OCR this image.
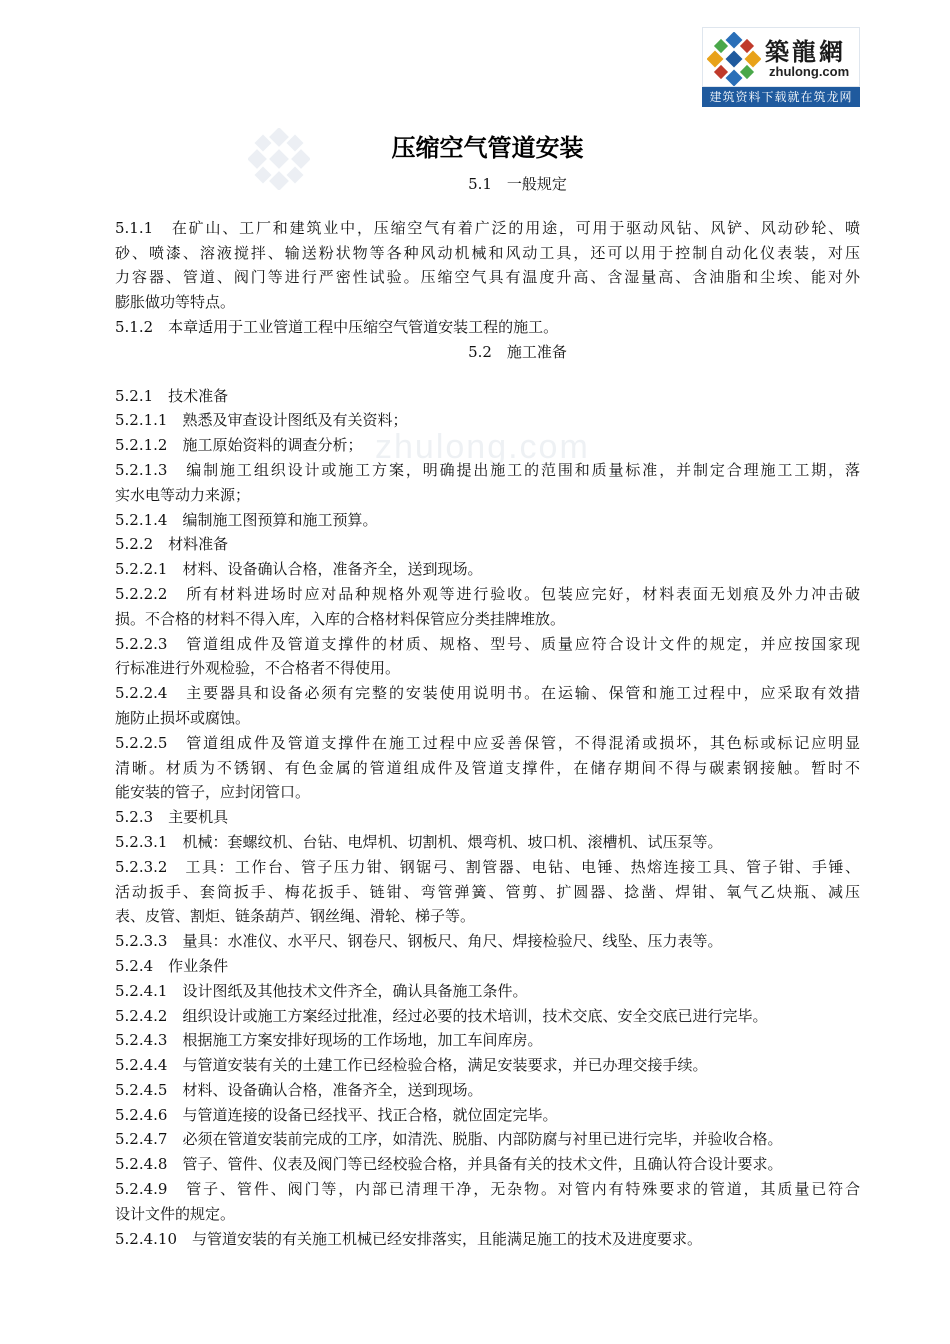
築龍網
zhulong.com
建筑资料下载就在筑龙网
zhulong.com
压缩空气管道安装
5.1　一般规定
5.1.1　在矿山、工厂和建筑业中，压缩空气有着广泛的用途，可用于驱动风钻、风铲、风动砂轮、喷
砂、喷漆、溶液搅拌、输送粉状物等各种风动机械和风动工具，还可以用于控制自动化仪表装，对压
力容器、管道、阀门等进行严密性试验。压缩空气具有温度升高、含湿量高、含油脂和尘埃、能对外
膨胀做功等特点。
5.1.2　本章适用于工业管道工程中压缩空气管道安装工程的施工。
5.2　施工准备
5.2.1　技术准备
5.2.1.1　熟悉及审查设计图纸及有关资料；
5.2.1.2　施工原始资料的调查分析；
5.2.1.3　编制施工组织设计或施工方案，明确提出施工的范围和质量标准，并制定合理施工工期，落
实水电等动力来源；
5.2.1.4　编制施工图预算和施工预算。
5.2.2　材料准备
5.2.2.1　材料、设备确认合格，准备齐全，送到现场。
5.2.2.2　所有材料进场时应对品种规格外观等进行验收。包装应完好，材料表面无划痕及外力冲击破
损。不合格的材料不得入库，入库的合格材料保管应分类挂牌堆放。
5.2.2.3　管道组成件及管道支撑件的材质、规格、型号、质量应符合设计文件的规定，并应按国家现
行标准进行外观检验，不合格者不得使用。
5.2.2.4　主要器具和设备必须有完整的安装使用说明书。在运输、保管和施工过程中，应采取有效措
施防止损坏或腐蚀。
5.2.2.5　管道组成件及管道支撑件在施工过程中应妥善保管，不得混淆或损坏，其色标或标记应明显
清晰。材质为不锈钢、有色金属的管道组成件及管道支撑件，在储存期间不得与碳素钢接触。暂时不
能安装的管子，应封闭管口。
5.2.3　主要机具
5.2.3.1　机械：套螺纹机、台钻、电焊机、切割机、煨弯机、坡口机、滚槽机、试压泵等。
5.2.3.2　工具：工作台、管子压力钳、钢锯弓、割管器、电钻、电锤、热熔连接工具、管子钳、手锤、
活动扳手、套筒扳手、梅花扳手、链钳、弯管弹簧、管剪、扩圆器、捻凿、焊钳、氧气乙炔瓶、减压
表、皮管、割炬、链条葫芦、钢丝绳、滑轮、梯子等。
5.2.3.3　量具：水准仪、水平尺、钢卷尺、钢板尺、角尺、焊接检验尺、线坠、压力表等。
5.2.4　作业条件
5.2.4.1　设计图纸及其他技术文件齐全，确认具备施工条件。
5.2.4.2　组织设计或施工方案经过批准，经过必要的技术培训，技术交底、安全交底已进行完毕。
5.2.4.3　根据施工方案安排好现场的工作场地，加工车间库房。
5.2.4.4　与管道安装有关的土建工作已经检验合格，满足安装要求，并已办理交接手续。
5.2.4.5　材料、设备确认合格，准备齐全，送到现场。
5.2.4.6　与管道连接的设备已经找平、找正合格，就位固定完毕。
5.2.4.7　必须在管道安装前完成的工序，如清洗、脱脂、内部防腐与衬里已进行完毕，并验收合格。
5.2.4.8　管子、管件、仪表及阀门等已经校验合格，并具备有关的技术文件，且确认符合设计要求。
5.2.4.9　管子、管件、阀门等，内部已清理干净，无杂物。对管内有特殊要求的管道，其质量已符合
设计文件的规定。
5.2.4.10　与管道安装的有关施工机械已经安排落实，且能满足施工的技术及进度要求。
